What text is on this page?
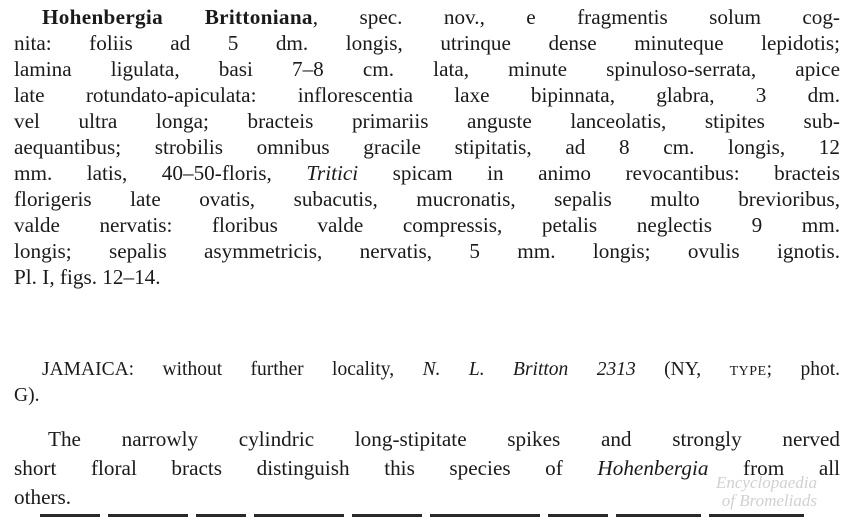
Hohenbergia Brittoniana, spec. nov., e fragmentis solum cog-
nita: foliis ad 5 dm. longis, utrinque dense minuteque lepidotis;
lamina ligulata, basi 7–8 cm. lata, minute spinuloso-serrata, apice
late rotundato-apiculata: inflorescentia laxe bipinnata, glabra, 3 dm.
vel ultra longa; bracteis primariis anguste lanceolatis, stipites sub-
aequantibus; strobilis omnibus gracile stipitatis, ad 8 cm. longis, 12
mm. latis, 40–50-floris, Tritici spicam in animo revocantibus: bracteis
florigeris late ovatis, subacutis, mucronatis, sepalis multo brevioribus,
valde nervatis: floribus valde compressis, petalis neglectis 9 mm.
longis; sepalis asymmetricis, nervatis, 5 mm. longis; ovulis ignotis.
Pl. I, figs. 12–14.
JAMAICA: without further locality, N. L. Britton 2313 (NY, type; phot.
G).
The narrowly cylindric long-stipitate spikes and strongly nerved
short floral bracts distinguish this species of Hohenbergia from all
others.
Encyclopaedia
of Bromeliads
